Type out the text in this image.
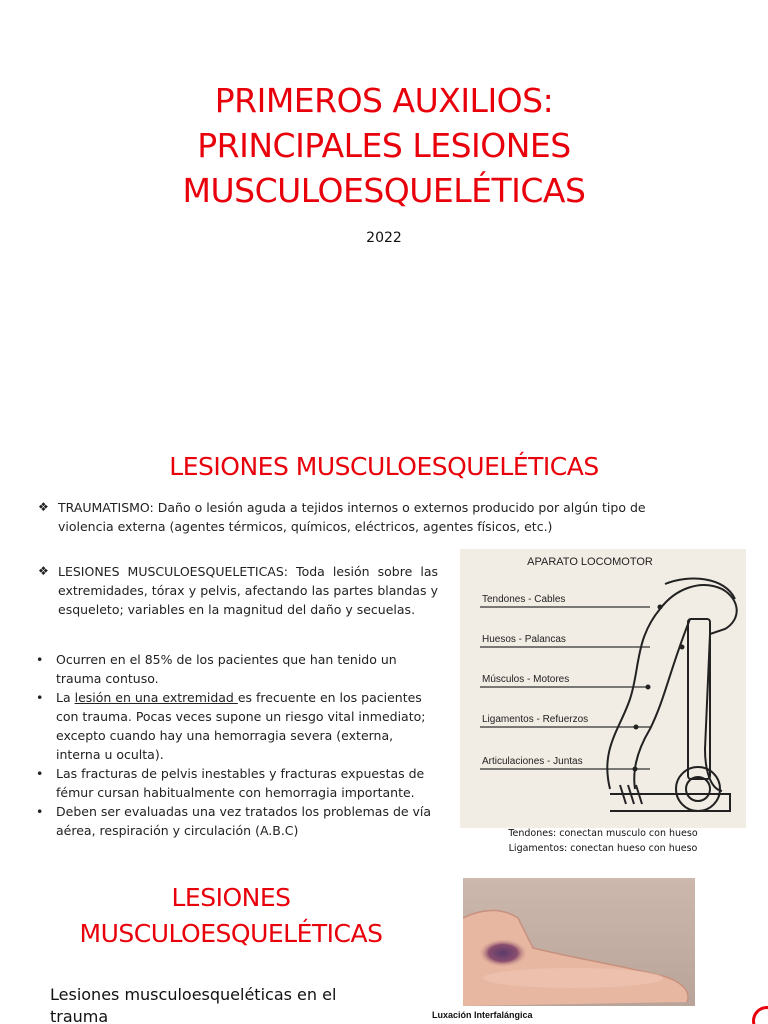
PRIMEROS AUXILIOS:
PRINCIPALES LESIONES
MUSCULOESQUELÉTICAS
2022
LESIONES MUSCULOESQUELÉTICAS
❖ TRAUMATISMO: Daño o lesión aguda a tejidos internos o externos producido por algún tipo de violencia externa (agentes térmicos, químicos, eléctricos, agentes físicos, etc.)
❖ LESIONES MUSCULOESQUELETICAS: Toda lesión sobre las extremidades, tórax y pelvis, afectando las partes blandas y esqueleto; variables en la magnitud del daño y secuelas.
• Ocurren en el 85% de los pacientes que han tenido un trauma contuso.
• La lesión en una extremidad es frecuente en los pacientes con trauma. Pocas veces supone un riesgo vital inmediato; excepto cuando hay una hemorragia severa (externa, interna u oculta).
• Las fracturas de pelvis inestables y fracturas expuestas de fémur cursan habitualmente con hemorragia importante.
• Deben ser evaluadas una vez tratados los problemas de vía aérea, respiración y circulación (A.B.C)
APARATO LOCOMOTOR
Tendones - Cables
Huesos - Palancas
Músculos - Motores
Ligamentos - Refuerzos
Articulaciones - Juntas
Tendones: conectan musculo con hueso
Ligamentos: conectan hueso con hueso
LESIONES
MUSCULOESQUELÉTICAS
Lesiones musculoesqueléticas en el
trauma	Luxación Interfalángica
